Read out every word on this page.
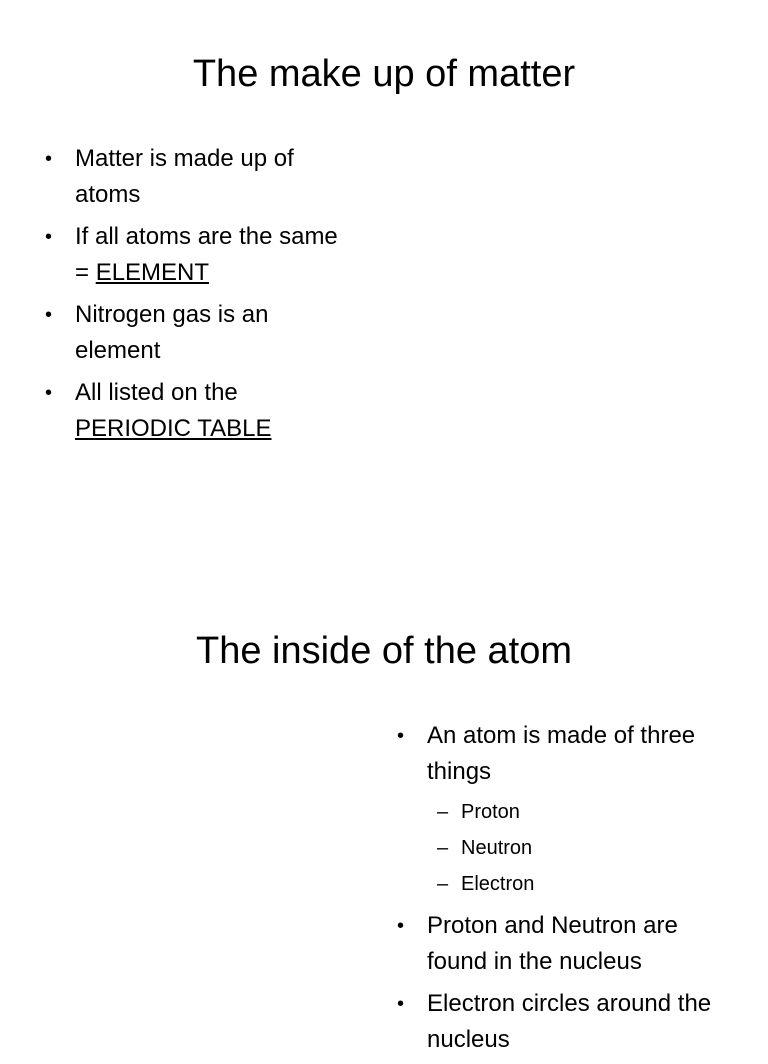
The make up of matter
• Matter is made up of atoms
• If all atoms are the same = ELEMENT
• Nitrogen gas is an element
• All listed on the
PERIODIC TABLE
The inside of the atom
• An atom is made of three things
– Proton
– Neutron
– Electron
• Proton and Neutron are found in the nucleus
• Electron circles around the nucleus
